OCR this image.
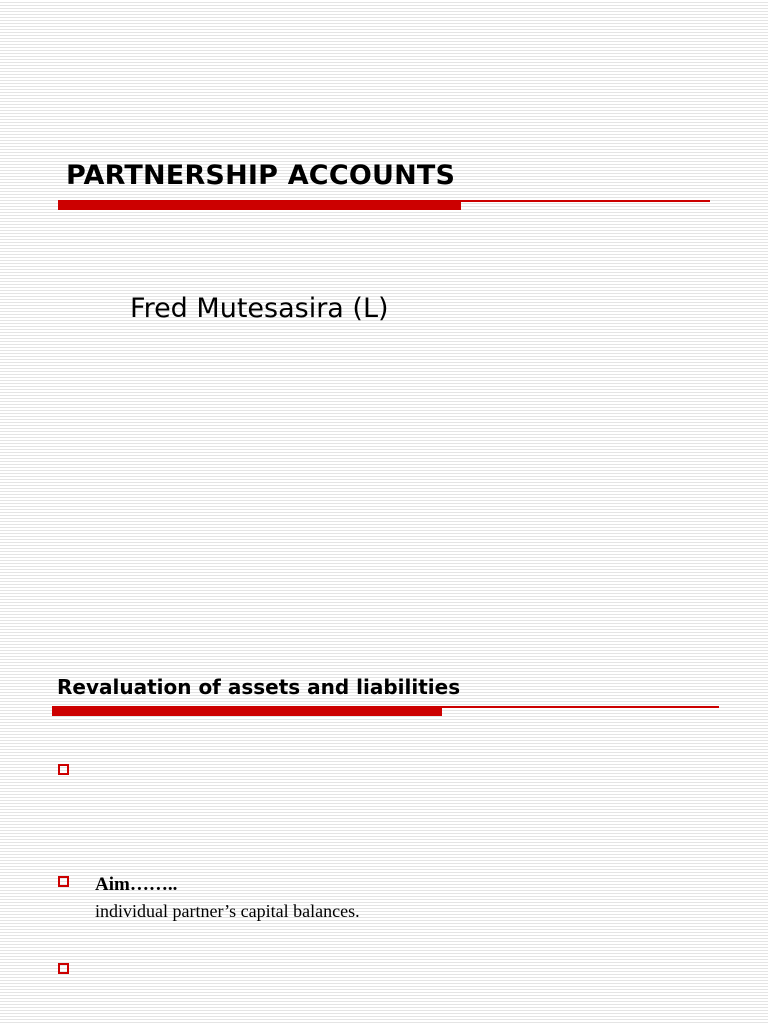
PARTNERSHIP ACCOUNTS
Fred Mutesasira (L)
Revaluation of assets and liabilities
Aim……..
individual partner’s capital balances.
